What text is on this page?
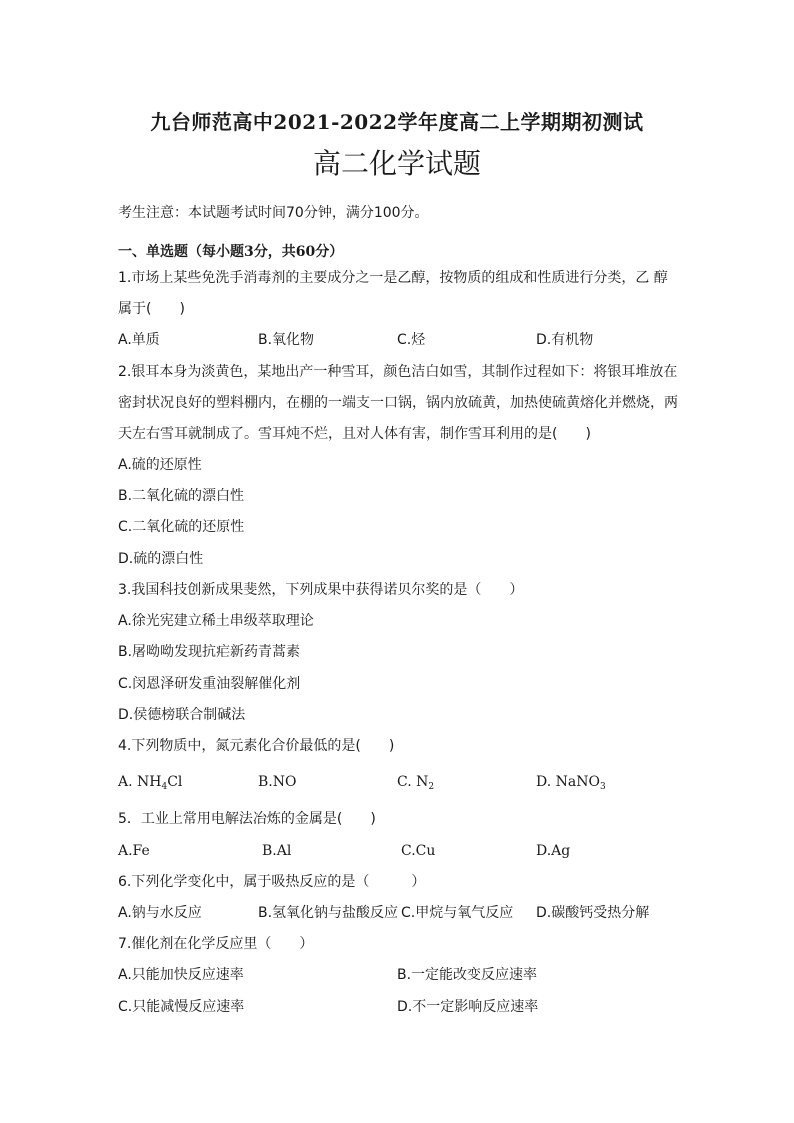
九台师范高中2021-2022学年度高二上学期期初测试
高二化学试题
考生注意：本试题考试时间70分钟，满分100分。
一、单选题（每小题3分，共60分）
1.市场上某些免洗手消毒剂的主要成分之一是乙醇，按物质的组成和性质进行分类，乙 醇
属于(　　)
A.单质	B.氧化物	C.烃	D.有机物
2.银耳本身为淡黄色，某地出产一种雪耳，颜色洁白如雪，其制作过程如下：将银耳堆放在
密封状况良好的塑料棚内，在棚的一端支一口锅，锅内放硫黄，加热使硫黄熔化并燃烧，两
天左右雪耳就制成了。雪耳炖不烂，且对人体有害，制作雪耳利用的是(　　)
A.硫的还原性
B.二氧化硫的漂白性
C.二氧化硫的还原性
D.硫的漂白性
3.我国科技创新成果斐然，下列成果中获得诺贝尔奖的是（　　）
A.徐光宪建立稀土串级萃取理论
B.屠呦呦发现抗疟新药青蒿素
C.闵恩泽研发重油裂解催化剂
D.侯德榜联合制碱法
4.下列物质中，氮元素化合价最低的是(　　)
A. $NH_4Cl$	B.NO	C. $N_2$	D. NaNO$_3$
5．工业上常用电解法冶炼的金属是(　　)
A.Fe	B.Al	C.Cu	D.Ag
6.下列化学变化中，属于吸热反应的是（　　　）
A.钠与水反应	B.氢氧化钠与盐酸反应 C.甲烷与氧气反应 D.碳酸钙受热分解
7.催化剂在化学反应里（　　）
A.只能加快反应速率	B.一定能改变反应速率
C.只能减慢反应速率	D.不一定影响反应速率
